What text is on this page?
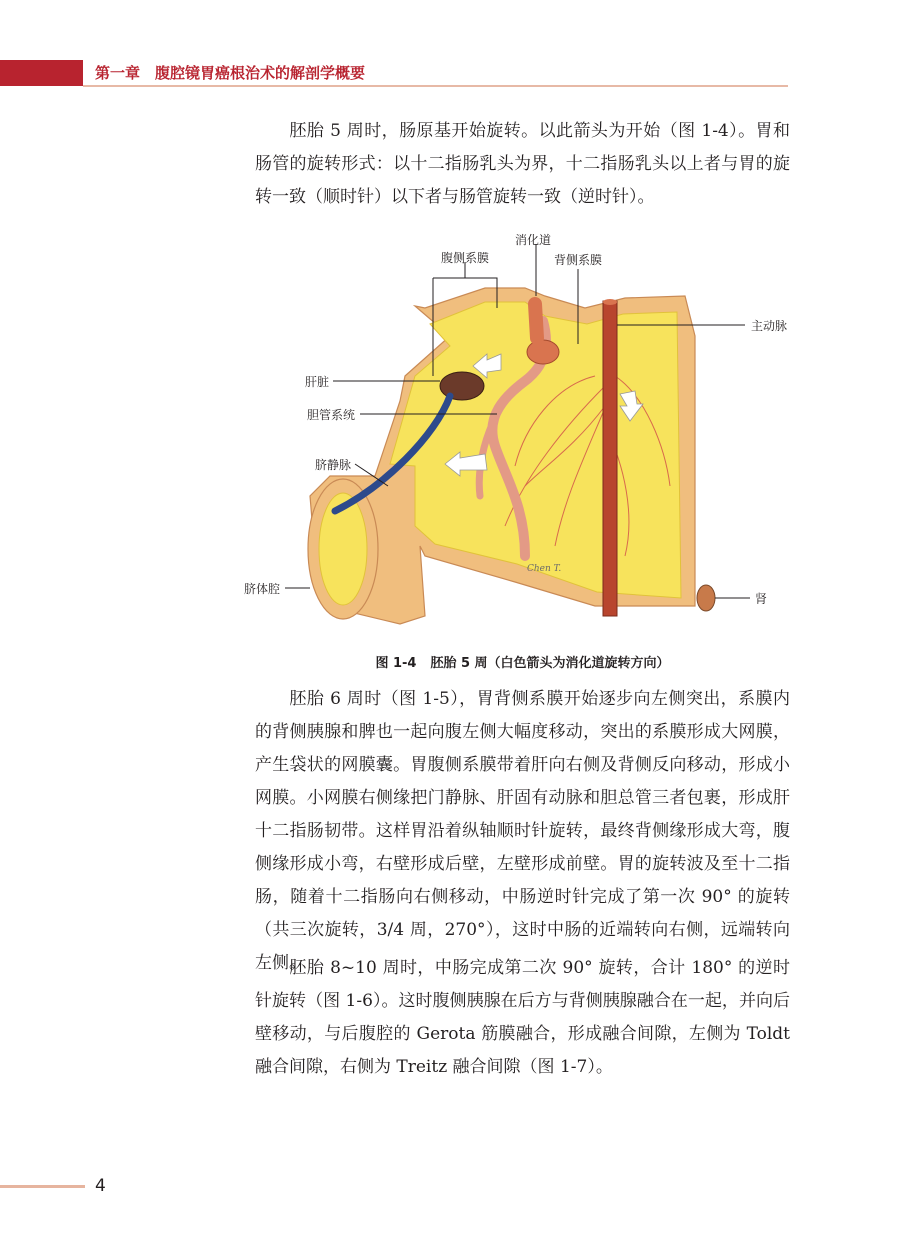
第一章　腹腔镜胃癌根治术的解剖学概要

胚胎 5 周时，肠原基开始旋转。以此箭头为开始（图 1-4）。胃和肠管的旋转形式：以十二指肠乳头为界，十二指肠乳头以上者与胃的旋转一致（顺时针）以下者与肠管旋转一致（逆时针）。

Chen T.
消化道
腹侧系膜	背侧系膜
主动脉
肝脏
胆管系统
脐静脉
脐体腔
肾
图 1-4 胚胎 5 周（白色箭头为消化道旋转方向）

胚胎 6 周时（图 1-5），胃背侧系膜开始逐步向左侧突出，系膜内的背侧胰腺和脾也一起向腹左侧大幅度移动，突出的系膜形成大网膜，产生袋状的网膜囊。胃腹侧系膜带着肝向右侧及背侧反向移动，形成小网膜。小网膜右侧缘把门静脉、肝固有动脉和胆总管三者包裹，形成肝十二指肠韧带。这样胃沿着纵轴顺时针旋转，最终背侧缘形成大弯，腹侧缘形成小弯，右壁形成后壁，左壁形成前壁。胃的旋转波及至十二指肠，随着十二指肠向右侧移动，中肠逆时针完成了第一次 90° 的旋转（共三次旋转，3/4 周，270°），这时中肠的近端转向右侧，远端转向左侧。

胚胎 8~10 周时，中肠完成第二次 90° 旋转，合计 180° 的逆时针旋转（图 1-6）。这时腹侧胰腺在后方与背侧胰腺融合在一起，并向后壁移动，与后腹腔的 Gerota 筋膜融合，形成融合间隙，左侧为 Toldt 融合间隙，右侧为 Treitz 融合间隙（图 1-7）。

4
